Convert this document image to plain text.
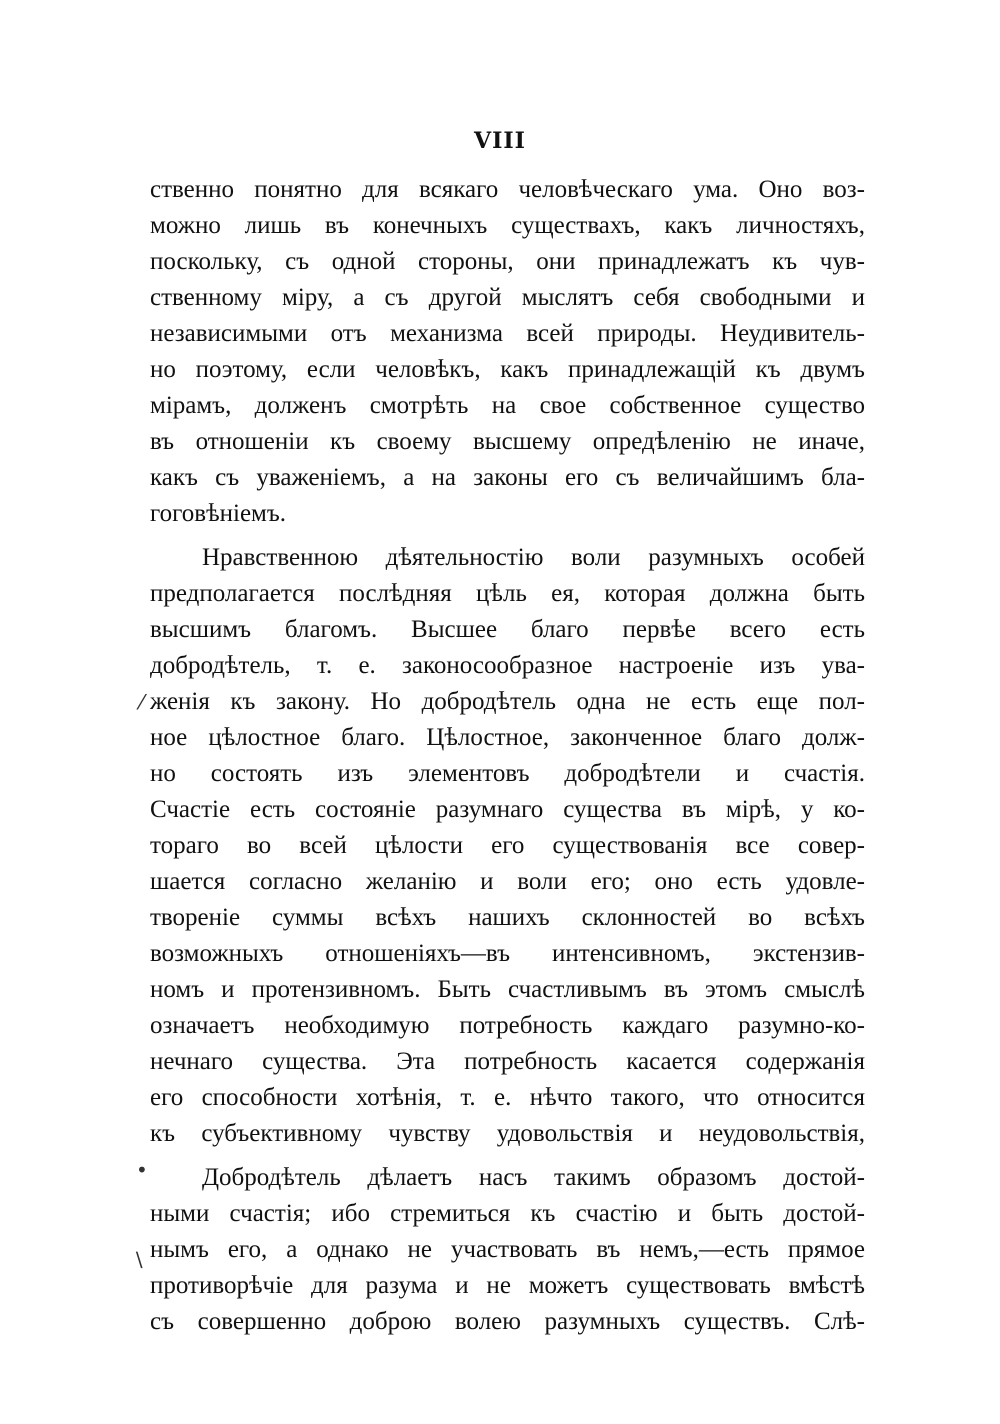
VIII
ственно понятно для всякаго человѣческаго ума. Оно воз-
можно лишь въ конечныхъ существахъ, какъ личностяхъ,
поскольку, съ одной стороны, они принадлежатъ къ чув-
ственному міру, а съ другой мыслятъ себя свободными и
независимыми отъ механизма всей природы. Неудивитель-
но поэтому, если человѣкъ, какъ принадлежащій къ двумъ
мірамъ, долженъ смотрѣть на свое собственное существо
въ отношеніи къ своему высшему опредѣленію не иначе,
какъ съ уваженіемъ, а на законы его съ величайшимъ бла-
гоговѣніемъ.
Нравственною дѣятельностію воли разумныхъ особей
предполагается послѣдняя цѣль ея, которая должна быть
высшимъ благомъ. Высшее благо первѣе всего есть
добродѣтель, т. е. законосообразное настроеніе изъ ува-
женія къ закону. Но добродѣтель одна не есть еще пол-
ное цѣлостное благо. Цѣлостное, законченное благо долж-
но состоять изъ элементовъ добродѣтели и счастія.
Счастіе есть состояніе разумнаго существа въ мірѣ, у ко-
тораго во всей цѣлости его существованія все совер-
шается согласно желанію и воли его; оно есть удовле-
твореніе суммы всѣхъ нашихъ склонностей во всѣхъ
возможныхъ отношеніяхъ—въ интенсивномъ, экстензив-
номъ и протензивномъ. Быть счастливымъ въ этомъ смыслѣ
означаетъ необходимую потребность каждаго разумно-ко-
нечнаго существа. Эта потребность касается содержанія
его способности хотѣнія, т. е. нѣчто такого, что относится
къ субъективному чувству удовольствія и неудовольствія,
Добродѣтель дѣлаетъ насъ такимъ образомъ достой-
ными счастія; ибо стремиться къ счастію и быть достой-
нымъ его, а однако не участвовать въ немъ,—есть прямое
противорѣчіе для разума и не можетъ существовать вмѣстѣ
съ совершенно доброю волею разумныхъ существъ. Слѣ-
⁄
•
∖
